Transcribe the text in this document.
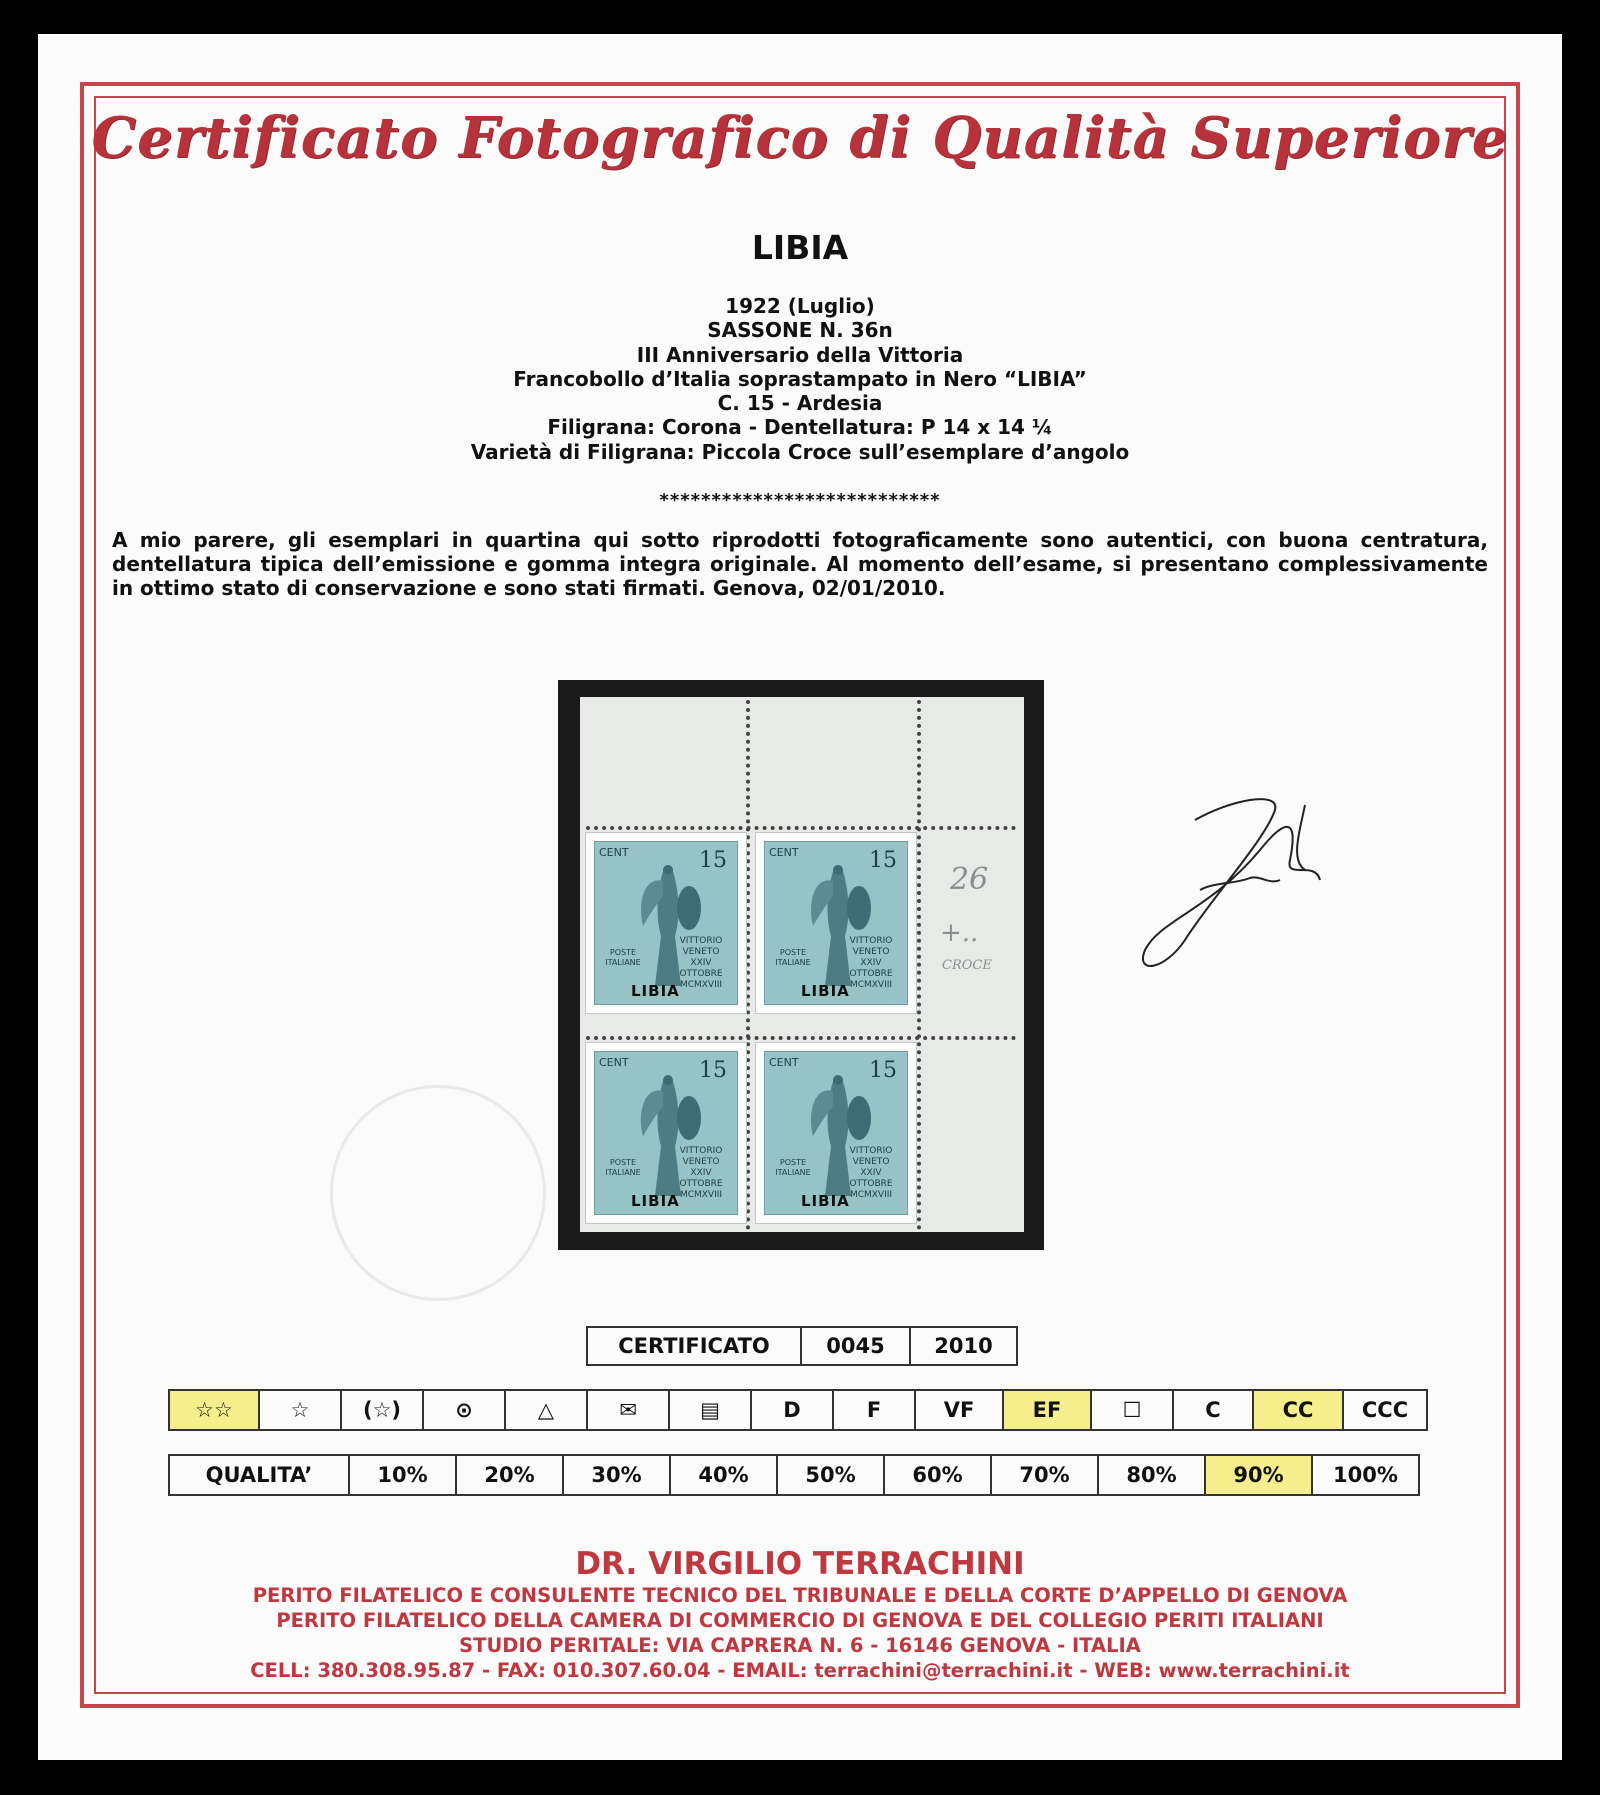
Certificato Fotografico di Qualità Superiore
LIBIA
1922 (Luglio)
SASSONE N. 36n
III Anniversario della Vittoria
Francobollo d’Italia soprastampato in Nero “LIBIA”
C. 15 - Ardesia
Filigrana: Corona - Dentellatura: P 14 x 14 ¼
Varietà di Filigrana: Piccola Croce sull’esemplare d’angolo
***************************
A mio parere, gli esemplari in quartina qui sotto riprodotti fotograficamente sono autentici, con buona centratura, dentellatura tipica dell’emissione e gomma integra originale. Al momento dell’esame, si presentano complessivamente in ottimo stato di conservazione e sono stati firmati. Genova, 02/01/2010.
CENT	15
POSTE ITALIANE
VITTORIO VENETO XXIV OTTOBRE MCMXVIII
LIBIA
CENT	15
POSTE ITALIANE
VITTORIO VENETO XXIV OTTOBRE MCMXVIII
LIBIA
CENT	15
POSTE ITALIANE
VITTORIO VENETO XXIV OTTOBRE MCMXVIII
LIBIA
CENT	15
POSTE ITALIANE
VITTORIO VENETO XXIV OTTOBRE MCMXVIII
LIBIA
26
+..
CROCE
CERTIFICATO	0045	2010
☆☆	☆	(☆)	⊙	△	✉	▤	D	F	VF	EF	☐	C	CC	CCC
QUALITA’	10%	20%	30%	40%	50%	60%	70%	80%	90%	100%
DR. VIRGILIO TERRACHINI
PERITO FILATELICO E CONSULENTE TECNICO DEL TRIBUNALE E DELLA CORTE D’APPELLO DI GENOVA
PERITO FILATELICO DELLA CAMERA DI COMMERCIO DI GENOVA E DEL COLLEGIO PERITI ITALIANI
STUDIO PERITALE: VIA CAPRERA N. 6 - 16146 GENOVA - ITALIA
CELL: 380.308.95.87 - FAX: 010.307.60.04 - EMAIL: terrachini@terrachini.it - WEB: www.terrachini.it
